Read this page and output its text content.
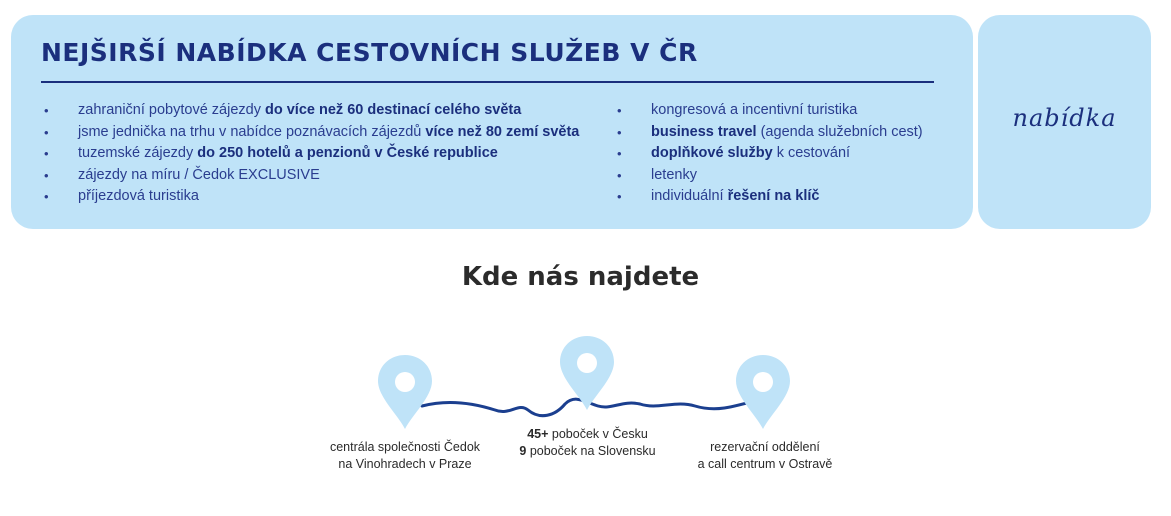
NEJŠIRŠÍ NABÍDKA CESTOVNÍCH SLUŽEB V ČR
• zahraniční pobytové zájezdy do více než 60 destinací celého světa
• jsme jednička na trhu v nabídce poznávacích zájezdů více než 80 zemí světa
• tuzemské zájezdy do 250 hotelů a penzionů v České republice
• zájezdy na míru / Čedok EXCLUSIVE
• příjezdová turistika
• kongresová a incentivní turistika
• business travel (agenda služebních cest)
• doplňkové služby k cestování
• letenky
• individuální řešení na klíč
nabídka
Kde nás najdete
centrála společnosti Čedok
na Vinohradech v Praze
45+ poboček v Česku
9 poboček na Slovensku	rezervační oddělení
a call centrum v Ostravě
